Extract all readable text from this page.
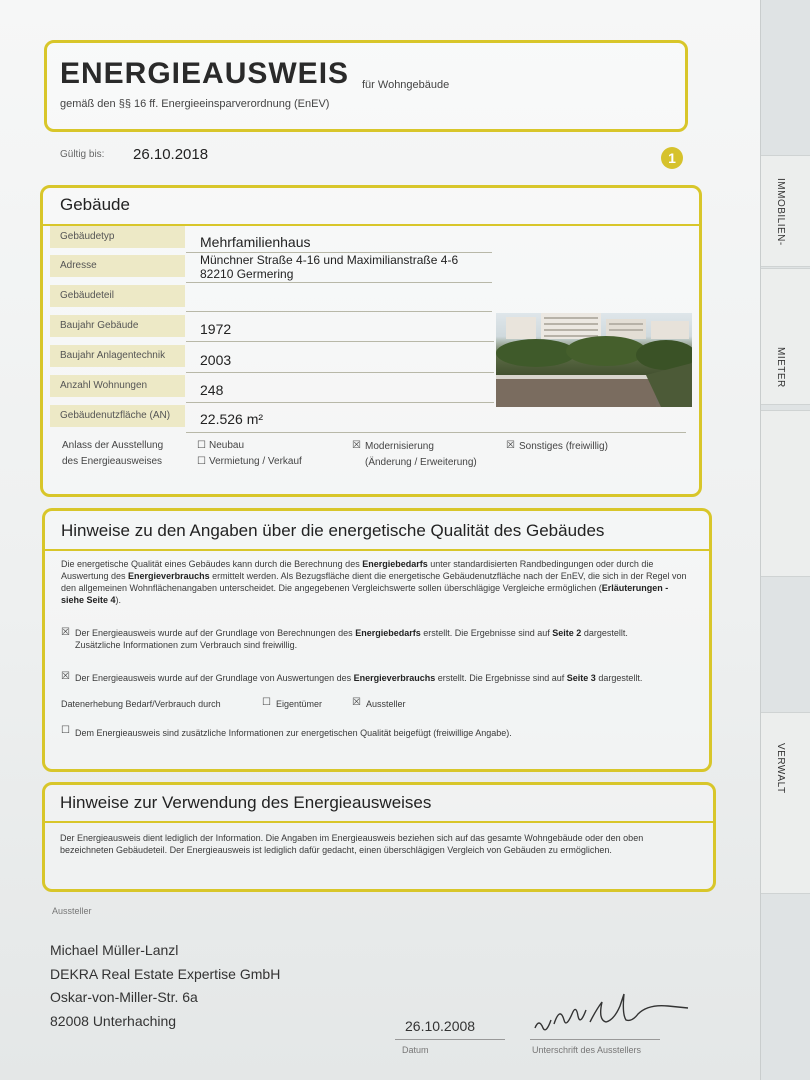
IMMOBILIEN-
MIETER
VERWALT
ENERGIEAUSWEIS für Wohngebäude
gemäß den §§ 16 ff. Energieeinsparverordnung (EnEV)
Gültig bis: 26.10.2018	1
Gebäude
Gebäudetyp	Mehrfamilienhaus
Adresse	Münchner Straße 4-16 und Maximilianstraße 4-6
82210 Germering
Gebäudeteil
Baujahr Gebäude	1972
Baujahr Anlagentechnik	2003
Anzahl Wohnungen	248
Gebäudenutzfläche (AN)	22.526 m²
Anlass der Ausstellung
des Energieausweises
☐ Neubau
☐ Vermietung / Verkauf
☒ Modernisierung
(Änderung / Erweiterung)
☒ Sonstiges (freiwillig)
Hinweise zu den Angaben über die energetische Qualität des Gebäudes
Die energetische Qualität eines Gebäudes kann durch die Berechnung des Energiebedarfs unter standardisierten Randbedingungen oder durch die Auswertung des Energieverbrauchs ermittelt werden. Als Bezugsfläche dient die energetische Gebäudenutzfläche nach der EnEV, die sich in der Regel von den allgemeinen Wohnflächenangaben unterscheidet. Die angegebenen Vergleichswerte sollen überschlägige Vergleiche ermöglichen (Erläuterungen - siehe Seite 4).
☒ Der Energieausweis wurde auf der Grundlage von Berechnungen des Energiebedarfs erstellt. Die Ergebnisse sind auf Seite 2 dargestellt.
Zusätzliche Informationen zum Verbrauch sind freiwillig.
☒ Der Energieausweis wurde auf der Grundlage von Auswertungen des Energieverbrauchs erstellt. Die Ergebnisse sind auf Seite 3 dargestellt.
Datenerhebung Bedarf/Verbrauch durch	☐ Eigentümer	☒ Aussteller
☐ Dem Energieausweis sind zusätzliche Informationen zur energetischen Qualität beigefügt (freiwillige Angabe).
Hinweise zur Verwendung des Energieausweises
Der Energieausweis dient lediglich der Information. Die Angaben im Energieausweis beziehen sich auf das gesamte Wohngebäude oder den oben bezeichneten Gebäudeteil. Der Energieausweis ist lediglich dafür gedacht, einen überschlägigen Vergleich von Gebäuden zu ermöglichen.
Aussteller
Michael Müller-Lanzl
DEKRA Real Estate Expertise GmbH
Oskar-von-Miller-Str. 6a
82008 Unterhaching	26.10.2008
Datum	Unterschrift des Ausstellers
